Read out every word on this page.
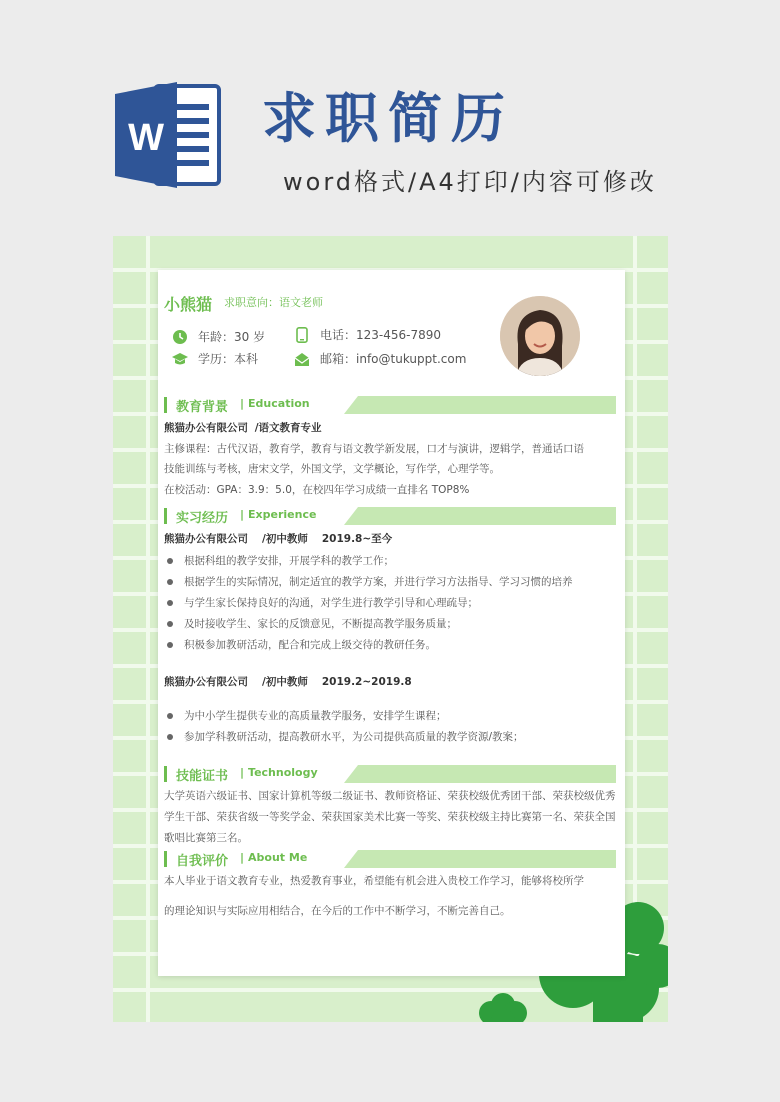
W 求职简历
word格式/A4打印/内容可修改
小熊猫 求职意向：语文老师
年龄：30 岁
学历：本科
电话：123-456-7890
邮箱：info@tukuppt.com
教育背景	| Education
熊猫办公有限公司 /语文教育专业
主修课程：古代汉语，教育学，教育与语文教学新发展，口才与演讲，逻辑学，普通话口语
技能训练与考核，唐宋文学，外国文学，文学概论，写作学，心理学等。
在校活动：GPA：3.9：5.0，在校四年学习成绩一直排名 TOP8%
实习经历	| Experience
熊猫办公有限公司 /初中教师 2019.8~至今
根据科组的教学安排，开展学科的教学工作；
根据学生的实际情况，制定适宜的教学方案，并进行学习方法指导、学习习惯的培养
与学生家长保持良好的沟通，对学生进行教学引导和心理疏导；
及时接收学生、家长的反馈意见，不断提高教学服务质量；
积极参加教研活动，配合和完成上级交待的教研任务。
熊猫办公有限公司 /初中教师 2019.2~2019.8
为中小学生提供专业的高质量教学服务，安排学生课程；
参加学科教研活动，提高教研水平，为公司提供高质量的教学资源/教案；
技能证书	| Technology
大学英语六级证书、国家计算机等级二级证书、教师资格证、荣获校级优秀团干部、荣获校级优秀学生干部、荣获省级一等奖学金、荣获国家美术比赛一等奖、荣获校级主持比赛第一名、荣获全国歌唱比赛第三名。
自我评价	| About Me
本人毕业于语文教育专业，热爱教育事业，希望能有机会进入贵校工作学习，能够将校所学
的理论知识与实际应用相结合，在今后的工作中不断学习，不断完善自己。
